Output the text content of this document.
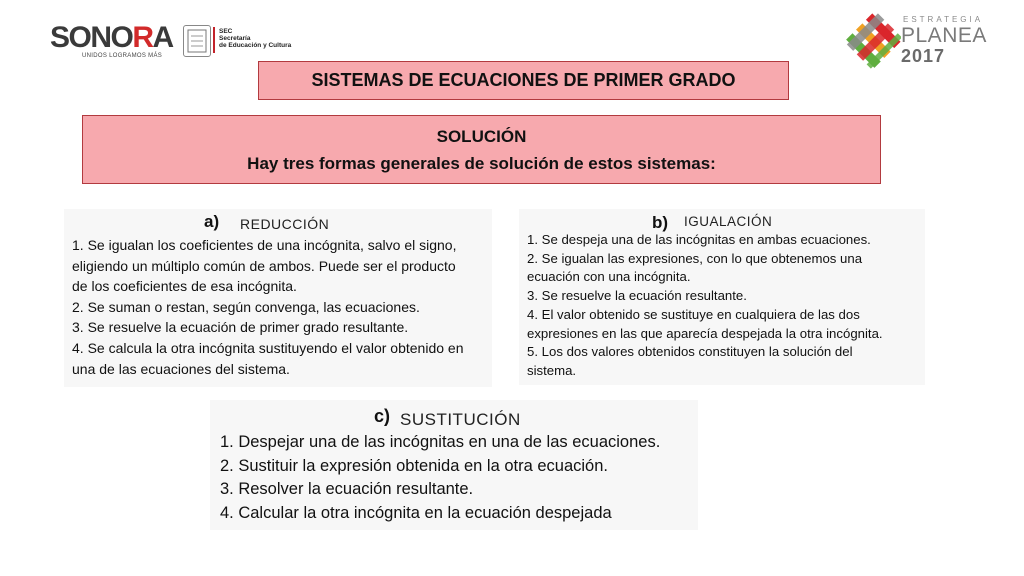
SONORA
UNIDOS LOGRAMOS MÁS
SEC
Secretaría
de Educación y Cultura
ESTRATEGIA
PLANEA
2017
SISTEMAS DE ECUACIONES DE PRIMER GRADO
SOLUCIÓN
Hay tres formas generales de solución de estos sistemas:
a) REDUCCIÓN
1. Se igualan los coeficientes de una incógnita, salvo el signo,
eligiendo un múltiplo común de ambos. Puede ser el producto
de los coeficientes de esa incógnita.
2. Se suman o restan, según convenga, las ecuaciones.
3. Se resuelve la ecuación de primer grado resultante.
4. Se calcula la otra incógnita sustituyendo el valor obtenido en
una de las ecuaciones del sistema.
b) IGUALACIÓN
1. Se despeja una de las incógnitas en ambas ecuaciones.
2. Se igualan las expresiones, con lo que obtenemos una
ecuación con una incógnita.
3. Se resuelve la ecuación resultante.
4. El valor obtenido se sustituye en cualquiera de las dos
expresiones en las que aparecía despejada la otra incógnita.
5. Los dos valores obtenidos constituyen la solución del
sistema.
c) SUSTITUCIÓN
1. Despejar una de las incógnitas en una de las ecuaciones.
2. Sustituir la expresión obtenida en la otra ecuación.
3. Resolver la ecuación resultante.
4. Calcular la otra incógnita en la ecuación despejada
